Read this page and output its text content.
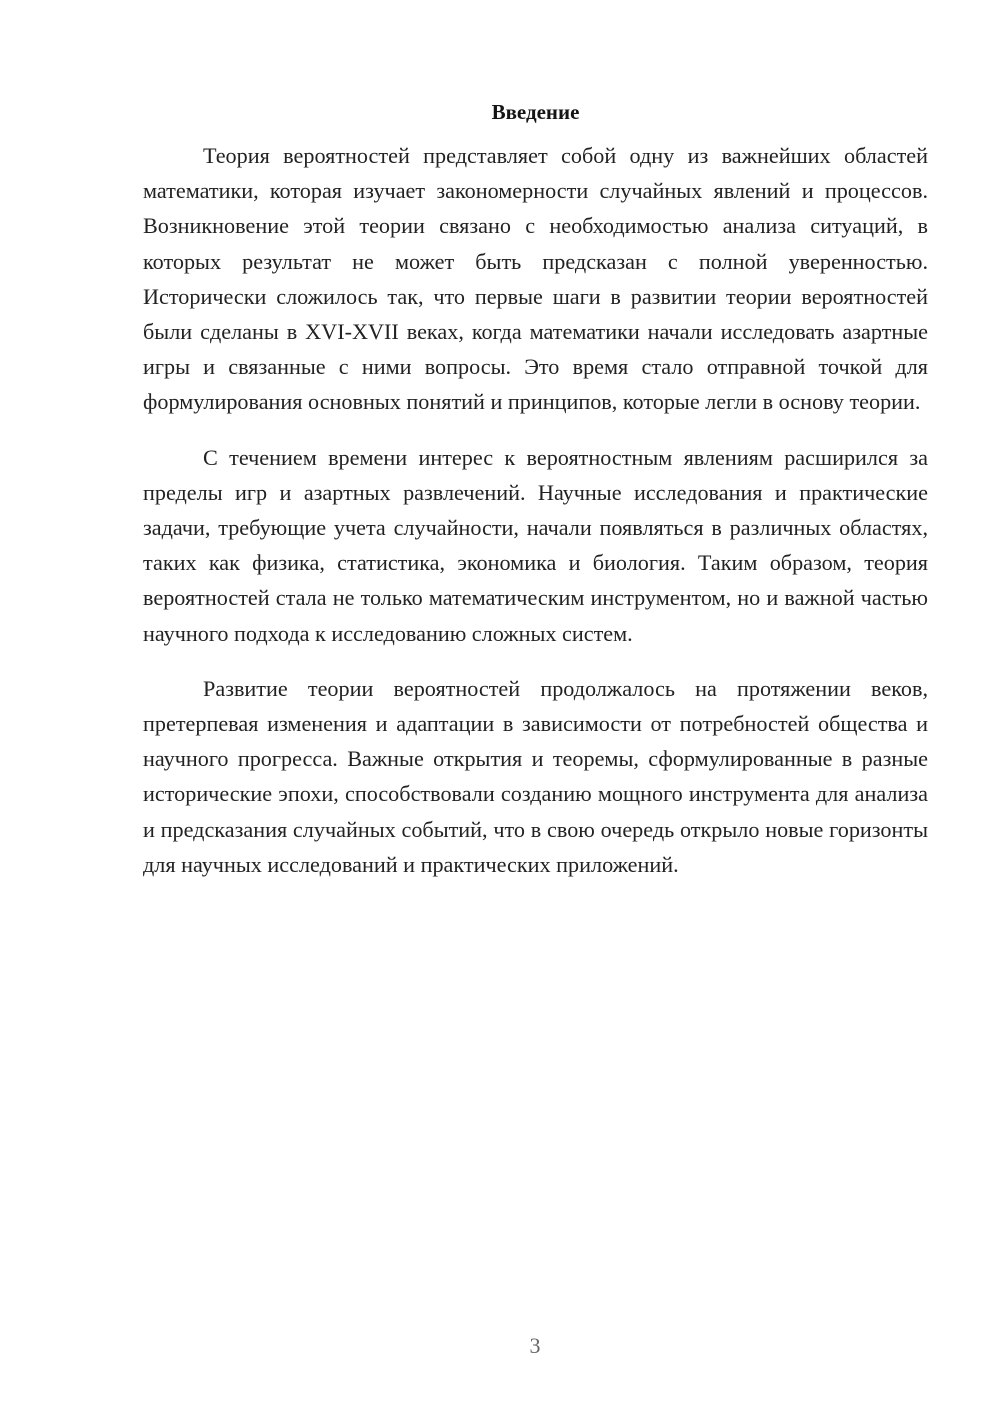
Введение

Теория вероятностей представляет собой одну из важнейших областей математики, которая изучает закономерности случайных явлений и процессов. Возникновение этой теории связано с необходимостью анализа ситуаций, в которых результат не может быть предсказан с полной уверенностью. Исторически сложилось так, что первые шаги в развитии теории вероятностей были сделаны в XVI-XVII веках, когда математики начали исследовать азартные игры и связанные с ними вопросы. Это время стало отправной точкой для формулирования основных понятий и принципов, которые легли в основу теории.

С течением времени интерес к вероятностным явлениям расширился за пределы игр и азартных развлечений. Научные исследования и практические задачи, требующие учета случайности, начали появляться в различных областях, таких как физика, статистика, экономика и биология. Таким образом, теория вероятностей стала не только математическим инструментом, но и важной частью научного подхода к исследованию сложных систем.

Развитие теории вероятностей продолжалось на протяжении веков, претерпевая изменения и адаптации в зависимости от потребностей общества и научного прогресса. Важные открытия и теоремы, сформулированные в разные исторические эпохи, способствовали созданию мощного инструмента для анализа и предсказания случайных событий, что в свою очередь открыло новые горизонты для научных исследований и практических приложений.

3
